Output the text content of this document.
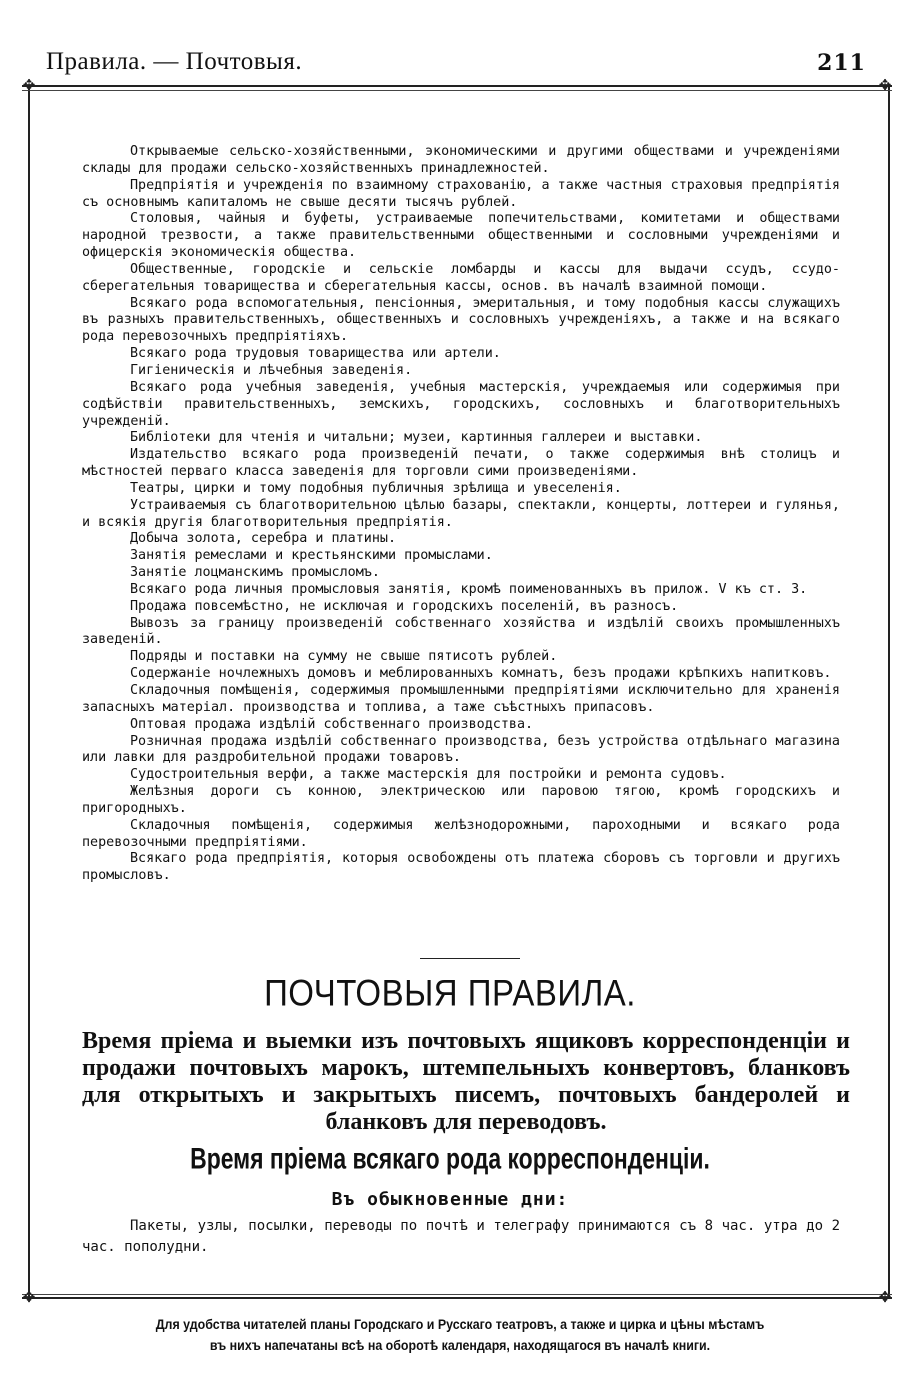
Правила. — Почтовыя.	211
✥	✥
✥	✥

Открываемые сельско-хозяйственными, экономическими и другими обществами и учрежденіями склады для продажи сельско-хозяйственныхъ принадлежностей.

Предпріятія и учрежденія по взаимному страхованію, а также частныя страховыя предпріятія съ основнымъ капиталомъ не свыше десяти тысячъ рублей.

Столовыя, чайныя и буфеты, устраиваемые попечительствами, комитетами и обществами народной трезвости, а также правительственными общественными и сословными учрежденіями и офицерскія экономическія общества.

Общественные, городскіе и сельскіе ломбарды и кассы для выдачи ссудъ, ссудо-сберегательныя товарищества и сберегательныя кассы, основ. въ началѣ взаимной помощи.

Всякаго рода вспомогательныя, пенсіонныя, эмеритальныя, и тому подобныя кассы служащихъ въ разныхъ правительственныхъ, общественныхъ и сословныхъ учрежденіяхъ, а также и на всякаго рода перевозочныхъ предпріятіяхъ.

Всякаго рода трудовыя товарищества или артели.

Гигіеническія и лѣчебныя заведенія.

Всякаго рода учебныя заведенія, учебныя мастерскія, учреждаемыя или содержимыя при содѣйствіи правительственныхъ, земскихъ, городскихъ, сословныхъ и благотворительныхъ учрежденій.

Библіотеки для чтенія и читальни; музеи, картинныя галлереи и выставки.

Издательство всякаго рода произведеній печати, о также содержимыя внѣ столицъ и мѣстностей перваго класса заведенія для торговли сими произведеніями.

Театры, цирки и тому подобныя публичныя зрѣлища и увеселенія.

Устраиваемыя съ благотворительною цѣлью базары, спектакли, концерты, лоттереи и гулянья, и всякія другія благотворительныя предпріятія.

Добыча золота, серебра и платины.

Занятія ремеслами и крестьянскими промыслами.

Занятіе лоцманскимъ промысломъ.

Всякаго рода личныя промысловыя занятія, кромѣ поименованныхъ въ прилож. V къ ст. 3.

Продажа повсемѣстно, не исключая и городскихъ поселеній, въ разносъ.

Вывозъ за границу произведеній собственнаго хозяйства и издѣлій своихъ промышленныхъ заведеній.

Подряды и поставки на сумму не свыше пятисотъ рублей.

Содержаніе ночлежныхъ домовъ и меблированныхъ комнатъ, безъ продажи крѣпкихъ напитковъ.

Складочныя помѣщенія, содержимыя промышленными предпріятіями исключительно для храненія запасныхъ матеріал. производства и топлива, а таже съѣстныхъ припасовъ.

Оптовая продажа издѣлій собственнаго производства.

Розничная продажа издѣлій собственнаго производства, безъ устройства отдѣльнаго магазина или лавки для раздробительной продажи товаровъ.

Судостроительныя верфи, а также мастерскія для постройки и ремонта судовъ.

Желѣзныя дороги съ конною, электрическою или паровою тягою, кромѣ городскихъ и пригородныхъ.

Складочныя помѣщенія, содержимыя желѣзнодорожными, пароходными и всякаго рода перевозочными предпріятіями.

Всякаго рода предпріятія, которыя освобождены отъ платежа сборовъ съ торговли и другихъ промысловъ.

ПОЧТОВЫЯ ПРАВИЛА.
Время пріема и выемки изъ почтовыхъ ящиковъ корреспонденціи и продажи почтовыхъ марокъ, штемпельныхъ конвертовъ, бланковъ для открытыхъ и закрытыхъ писемъ, почтовыхъ бандеролей и бланковъ для переводовъ.
Время пріема всякаго рода корреспонденціи.
Въ обыкновенные дни:

Пакеты, узлы, посылки, переводы по почтѣ и телеграфу принимаются съ 8 час. утра до 2 час. пополудни.

Для удобства читателей планы Городскаго и Русскаго театровъ, а также и цирка и цѣны мѣстамъ
въ нихъ напечатаны всѣ на оборотѣ календаря, находящагося въ началѣ книги.
